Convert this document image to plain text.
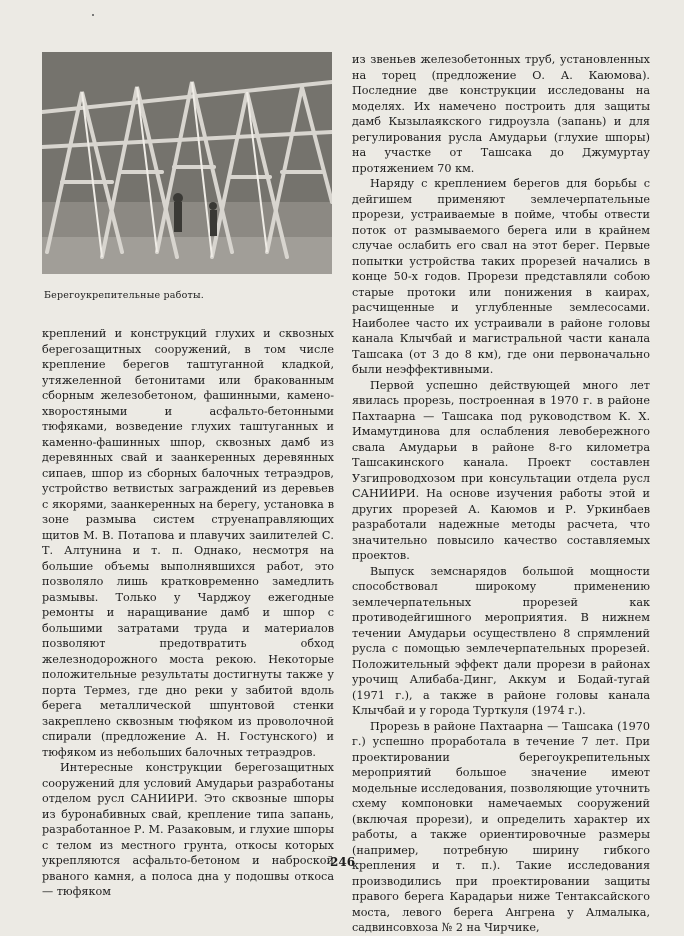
Берегоукрепительные работы.

креплений и конструкций глухих и сквозных берегозащитных сооружений, в том числе крепление берегов таштуганной кладкой, утяжеленной бетонитами или бракованным сборным железобетоном, фашинными, камено-хворостяными и асфальто-бетонными тюфяками, возведение глухих таштуганных и каменно-фашинных шпор, сквозных дамб из деревянных свай и заанкеренных деревянных сипаев, шпор из сборных балочных тетраэдров, устройство ветвистых заграждений из деревьев с якорями, заанкеренных на берегу, установка в зоне размыва систем струенаправляющих щитов М. В. Потапова и плавучих заилителей С. Т. Алтунина и т. п. Однако, несмотря на большие объемы выполнявшихся работ, это позволяло лишь кратковременно замедлить размывы. Только у Чарджоу ежегодные ремонты и наращивание дамб и шпор с большими затратами труда и материалов позволяют предотвратить обход железнодорожного моста рекою. Некоторые положительные результаты достигнуты также у порта Термез, где дно реки у забитой вдоль берега металлической шпунтовой стенки закреплено сквозным тюфяком из проволочной спирали (предложение А. Н. Гостунского) и тюфяком из небольших балочных тетраэдров.

Интересные конструкции берегозащитных сооружений для условий Амударьи разработаны отделом русл САНИИРИ. Это сквозные шпоры из буронабивных свай, крепление типа запань, разработанное Р. М. Разаковым, и глухие шпоры с телом из местного грунта, откосы которых укрепляются асфальто-бетоном и наброской рваного камня, а полоса дна у подошвы откоса — тюфяком

из звеньев железобетонных труб, установленных на торец (предложение О. А. Каюмова). Последние две конструкции исследованы на моделях. Их намечено построить для защиты дамб Кызылаякского гидроузла (запань) и для регулирования русла Амударьи (глухие шпоры) на участке от Ташсака до Джумуртау протяжением 70 км.

Наряду с креплением берегов для борьбы с дейгишем применяют землечерпательные прорези, устраиваемые в пойме, чтобы отвести поток от размываемого берега или в крайнем случае ослабить его свал на этот берег. Первые попытки устройства таких прорезей начались в конце 50-х годов. Прорези представляли собою старые протоки или понижения в каирах, расчищенные и углубленные землесосами. Наиболее часто их устраивали в районе головы канала Клычбай и магистральной части канала Ташсака (от 3 до 8 км), где они первоначально были неэффективными.

Первой успешно действующей много лет явилась прорезь, построенная в 1970 г. в районе Пахтаарна — Ташсака под руководством К. Х. Имамутдинова для ослабления левобережного свала Амударьи в районе 8-го километра Ташсакинского канала. Проект составлен Узгипроводхозом при консультации отдела русл САНИИРИ. На основе изучения работы этой и других прорезей А. Каюмов и Р. Уркинбаев разработали надежные методы расчета, что значительно повысило качество составляемых проектов.

Выпуск земснарядов большой мощности способствовал широкому применению землечерпательных прорезей как противодейгишного мероприятия. В нижнем течении Амударьи осуществлено 8 спрямлений русла с помощью землечерпательных прорезей. Положительный эффект дали прорези в районах урочищ Алибаба-Динг, Аккум и Бодай-тугай (1971 г.), а также в районе головы канала Клычбай и у города Турткуля (1974 г.).

Прорезь в районе Пахтаарна — Ташсака (1970 г.) успешно проработала в течение 7 лет. При проектировании берегоукрепительных мероприятий большое значение имеют модельные исследования, позволяющие уточнить схему компоновки намечаемых сооружений (включая прорези), и определить характер их работы, а также ориентировочные размеры (например, потребную ширину гибкого крепления и т. п.). Такие исследования производились при проектировании защиты правого берега Карадарьи ниже Тентаксайского моста, левого берега Ангрена у Алмалыка, садвинсовхоза № 2 на Чирчике,

246
